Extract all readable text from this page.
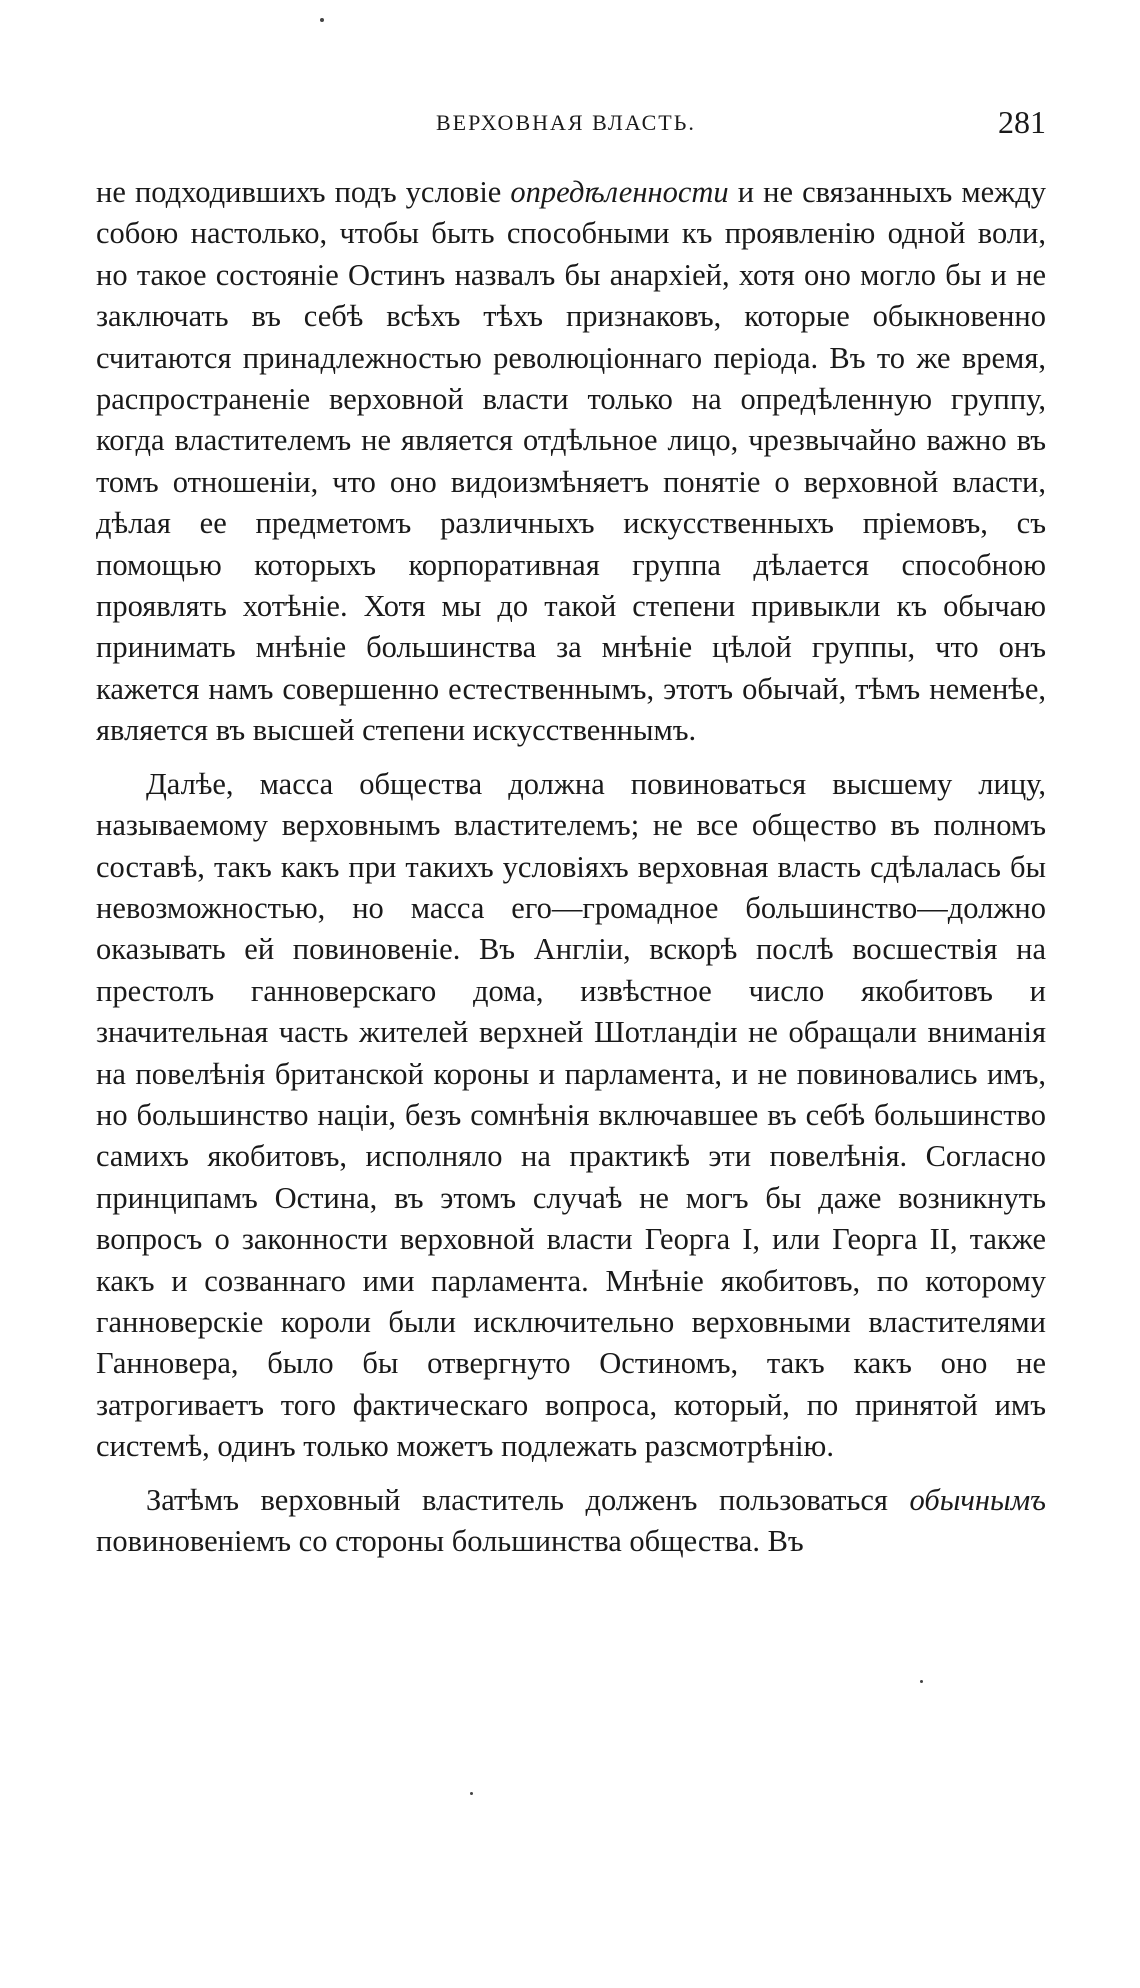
ВЕРХОВНАЯ ВЛАСТЬ.	281

не подходившихъ подъ условіе опредѣленности и не связанныхъ между собою настолько, чтобы быть способными къ проявленію одной воли, но такое состояніе Остинъ назвалъ бы анархіей, хотя оно могло бы и не заключать въ себѣ всѣхъ тѣхъ признаковъ, которые обыкновенно считаются принадлежностью революціоннаго періода. Въ то же время, распространеніе верховной власти только на опредѣленную группу, когда властителемъ не является отдѣльное лицо, чрезвычайно важно въ томъ отношеніи, что оно видоизмѣняетъ понятіе о верховной власти, дѣлая ее предметомъ различныхъ искусственныхъ пріемовъ, съ помощью которыхъ корпоративная группа дѣлается способною проявлять хотѣніе. Хотя мы до такой степени привыкли къ обычаю принимать мнѣніе большинства за мнѣніе цѣлой группы, что онъ кажется намъ совершенно естественнымъ, этотъ обычай, тѣмъ неменѣе, является въ высшей степени искусственнымъ.

Далѣе, масса общества должна повиноваться высшему лицу, называемому верховнымъ властителемъ; не все общество въ полномъ составѣ, такъ какъ при такихъ условіяхъ верховная власть сдѣлалась бы невозможностью, но масса его—громадное большинство—должно оказывать ей повиновеніе. Въ Англіи, вскорѣ послѣ восшествія на престолъ ганноверскаго дома, извѣстное число якобитовъ и значительная часть жителей верхней Шотландіи не обращали вниманія на повелѣнія британской короны и парламента, и не повиновались имъ, но большинство націи, безъ сомнѣнія включавшее въ себѣ большинство самихъ якобитовъ, исполняло на практикѣ эти повелѣнія. Согласно принципамъ Остина, въ этомъ случаѣ не могъ бы даже возникнуть вопросъ о законности верховной власти Георга I, или Георга II, также какъ и созваннаго ими парламента. Мнѣніе якобитовъ, по которому ганноверскіе короли были исключительно верховными властителями Ганновера, было бы отвергнуто Остиномъ, такъ какъ оно не затрогиваетъ того фактическаго вопроса, который, по принятой имъ системѣ, одинъ только можетъ подлежать разсмотрѣнію.

Затѣмъ верховный властитель долженъ пользоваться обычнымъ повиновеніемъ со стороны большинства общества. Въ
